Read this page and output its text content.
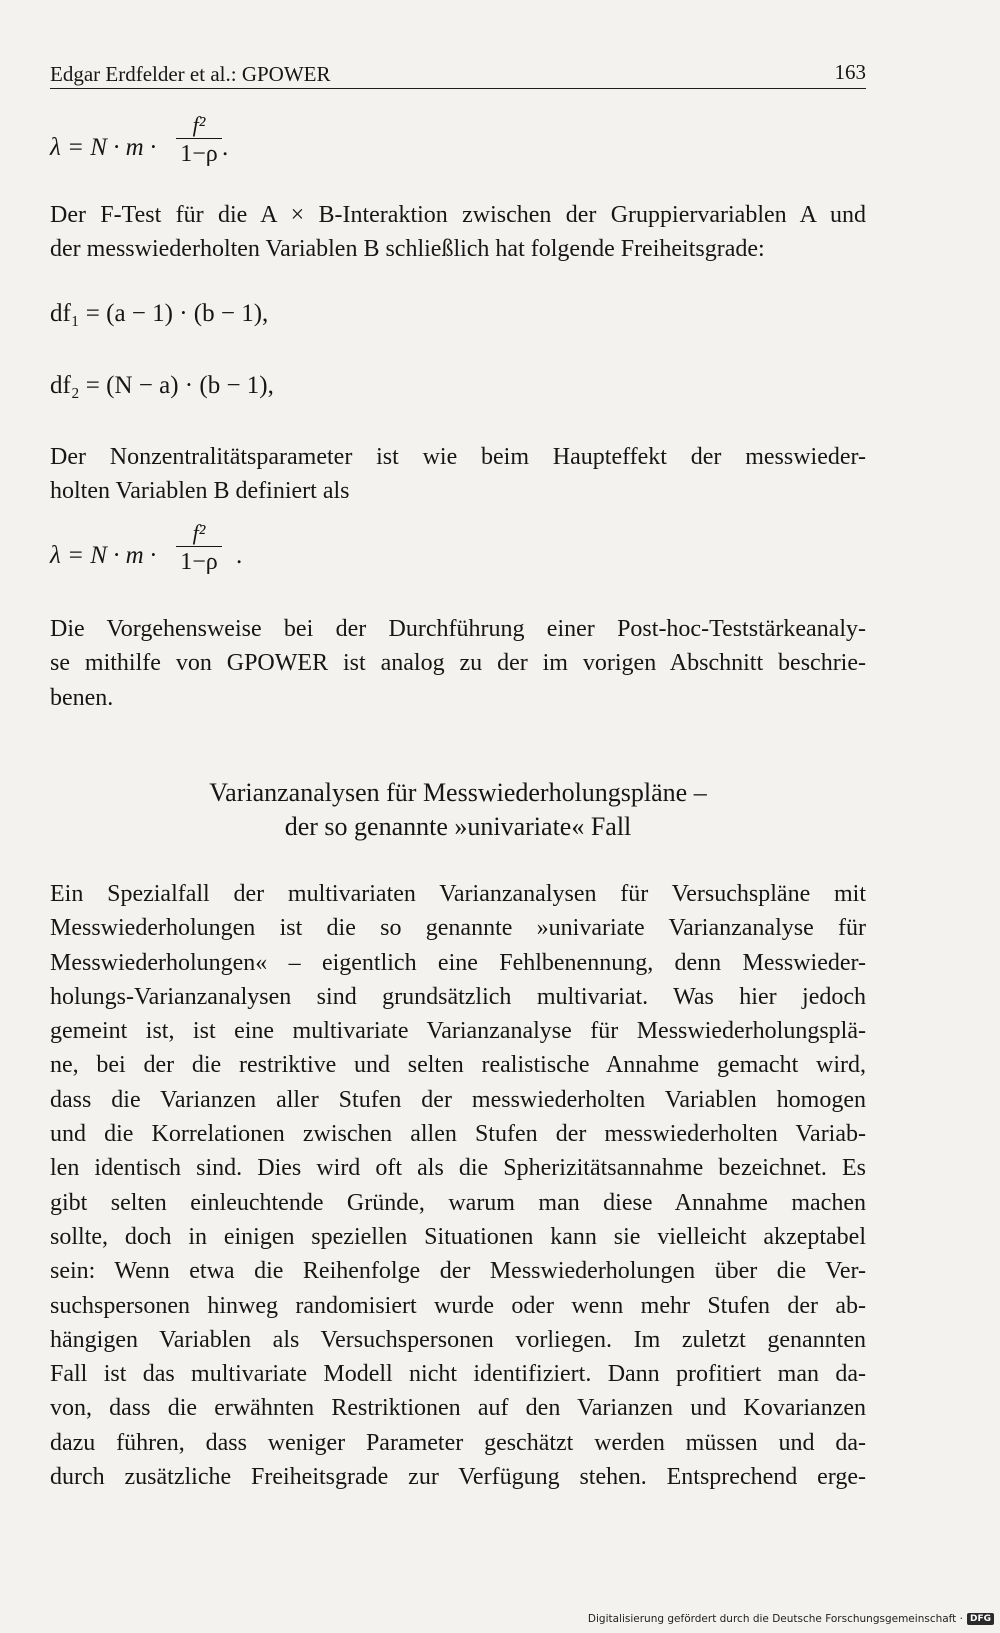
Edgar Erdfelder et al.: GPOWER	163
λ = N · m ·
f²
1−ρ .
Der F-Test für die A × B-Interaktion zwischen der Gruppiervariablen A und
der messwiederholten Variablen B schließlich hat folgende Freiheitsgrade:
df₁ = (a − 1) · (b − 1),
df₂ = (N − a) · (b − 1),
Der Nonzentralitätsparameter ist wie beim Haupteffekt der messwieder-
holten Variablen B definiert als
λ = N · m ·
f²
1−ρ .
Die Vorgehensweise bei der Durchführung einer Post-hoc-Teststärkeanaly-
se mithilfe von GPOWER ist analog zu der im vorigen Abschnitt beschrie-
benen.
Varianzanalysen für Messwiederholungspläne –
der so genannte »univariate« Fall
Ein Spezialfall der multivariaten Varianzanalysen für Versuchspläne mit
Messwiederholungen ist die so genannte »univariate Varianzanalyse für
Messwiederholungen« – eigentlich eine Fehlbenennung, denn Messwieder-
holungs-Varianzanalysen sind grundsätzlich multivariat. Was hier jedoch
gemeint ist, ist eine multivariate Varianzanalyse für Messwiederholungsplä-
ne, bei der die restriktive und selten realistische Annahme gemacht wird,
dass die Varianzen aller Stufen der messwiederholten Variablen homogen
und die Korrelationen zwischen allen Stufen der messwiederholten Variab-
len identisch sind. Dies wird oft als die Spherizitätsannahme bezeichnet. Es
gibt selten einleuchtende Gründe, warum man diese Annahme machen
sollte, doch in einigen speziellen Situationen kann sie vielleicht akzeptabel
sein: Wenn etwa die Reihenfolge der Messwiederholungen über die Ver-
suchspersonen hinweg randomisiert wurde oder wenn mehr Stufen der ab-
hängigen Variablen als Versuchspersonen vorliegen. Im zuletzt genannten
Fall ist das multivariate Modell nicht identifiziert. Dann profitiert man da-
von, dass die erwähnten Restriktionen auf den Varianzen und Kovarianzen
dazu führen, dass weniger Parameter geschätzt werden müssen und da-
durch zusätzliche Freiheitsgrade zur Verfügung stehen. Entsprechend erge-
Digitalisierung gefördert durch die Deutsche Forschungsgemeinschaft · DFG
